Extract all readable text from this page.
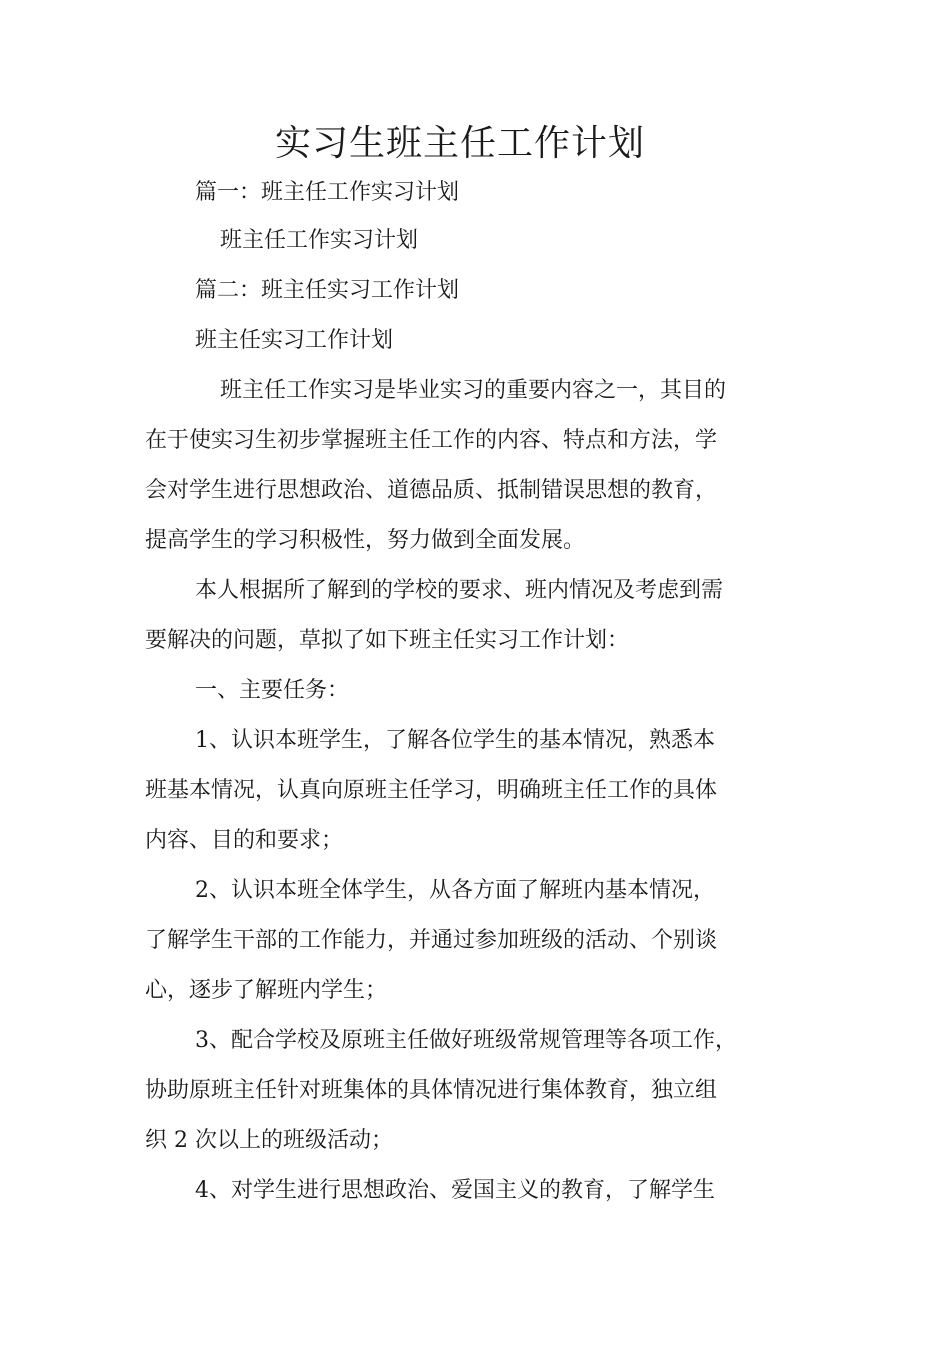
实习生班主任工作计划

篇一：班主任工作实习计划

班主任工作实习计划

篇二：班主任实习工作计划

班主任实习工作计划

班主任工作实习是毕业实习的重要内容之一，其目的

在于使实习生初步掌握班主任工作的内容、特点和方法，学

会对学生进行思想政治、道德品质、抵制错误思想的教育，

提高学生的学习积极性，努力做到全面发展。

本人根据所了解到的学校的要求、班内情况及考虑到需

要解决的问题，草拟了如下班主任实习工作计划：

一、主要任务：

1、认识本班学生，了解各位学生的基本情况，熟悉本

班基本情况，认真向原班主任学习，明确班主任工作的具体

内容、目的和要求；

2、认识本班全体学生，从各方面了解班内基本情况，

了解学生干部的工作能力，并通过参加班级的活动、个别谈

心，逐步了解班内学生；

3、配合学校及原班主任做好班级常规管理等各项工作，

协助原班主任针对班集体的具体情况进行集体教育，独立组

织 2 次以上的班级活动；

4、对学生进行思想政治、爱国主义的教育，了解学生
